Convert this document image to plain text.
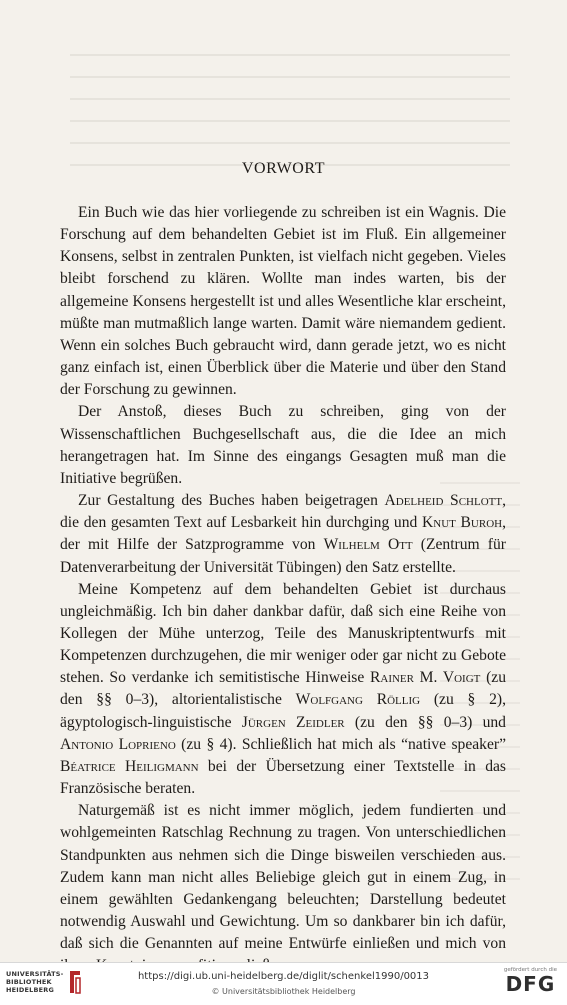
VORWORT

Ein Buch wie das hier vorliegende zu schreiben ist ein Wagnis. Die Forschung auf dem behandelten Gebiet ist im Fluß. Ein allgemeiner Konsens, selbst in zentralen Punkten, ist vielfach nicht gegeben. Vieles bleibt forschend zu klären. Wollte man indes warten, bis der allgemeine Konsens hergestellt ist und alles Wesentliche klar erscheint, müßte man mutmaßlich lange warten. Damit wäre niemandem gedient. Wenn ein solches Buch gebraucht wird, dann gerade jetzt, wo es nicht ganz einfach ist, einen Überblick über die Materie und über den Stand der Forschung zu gewinnen.

Der Anstoß, dieses Buch zu schreiben, ging von der Wissenschaftlichen Buchgesellschaft aus, die die Idee an mich herangetragen hat. Im Sinne des eingangs Gesagten muß man die Initiative begrüßen.

Zur Gestaltung des Buches haben beigetragen Adelheid Schlott, die den gesamten Text auf Lesbarkeit hin durchging und Knut Buroh, der mit Hilfe der Satzprogramme von Wilhelm Ott (Zentrum für Datenverarbeitung der Universität Tübingen) den Satz erstellte.

Meine Kompetenz auf dem behandelten Gebiet ist durchaus ungleichmäßig. Ich bin daher dankbar dafür, daß sich eine Reihe von Kollegen der Mühe unterzog, Teile des Manuskriptentwurfs mit Kompetenzen durchzugehen, die mir weniger oder gar nicht zu Gebote stehen. So verdanke ich semitistische Hinweise Rainer M. Voigt (zu den §§ 0–3), altorientalistische Wolfgang Röllig (zu § 2), ägyptologisch-linguistische Jürgen Zeidler (zu den §§ 0–3) und Antonio Loprieno (zu § 4). Schließlich hat mich als “native speaker” Béatrice Heiligmann bei der Übersetzung einer Textstelle in das Französische beraten.

Naturgemäß ist es nicht immer möglich, jedem fundierten und wohlgemeinten Ratschlag Rechnung zu tragen. Von unterschiedlichen Standpunkten aus nehmen sich die Dinge bisweilen verschieden aus. Zudem kann man nicht alles Beliebige gleich gut in einem Zug, in einem gewählten Gedankengang beleuchten; Darstellung bedeutet notwendig Auswahl und Gewichtung. Um so dankbarer bin ich dafür, daß sich die Genannten auf meine Entwürfe einließen und mich von

UNIVERSITÄTS-
BIBLIOTHEK
HEIDELBERG
https://digi.ub.uni-heidelberg.de/diglit/schenkel1990/0013
© Universitätsbibliothek Heidelberg
gefördert durch die
DFG
